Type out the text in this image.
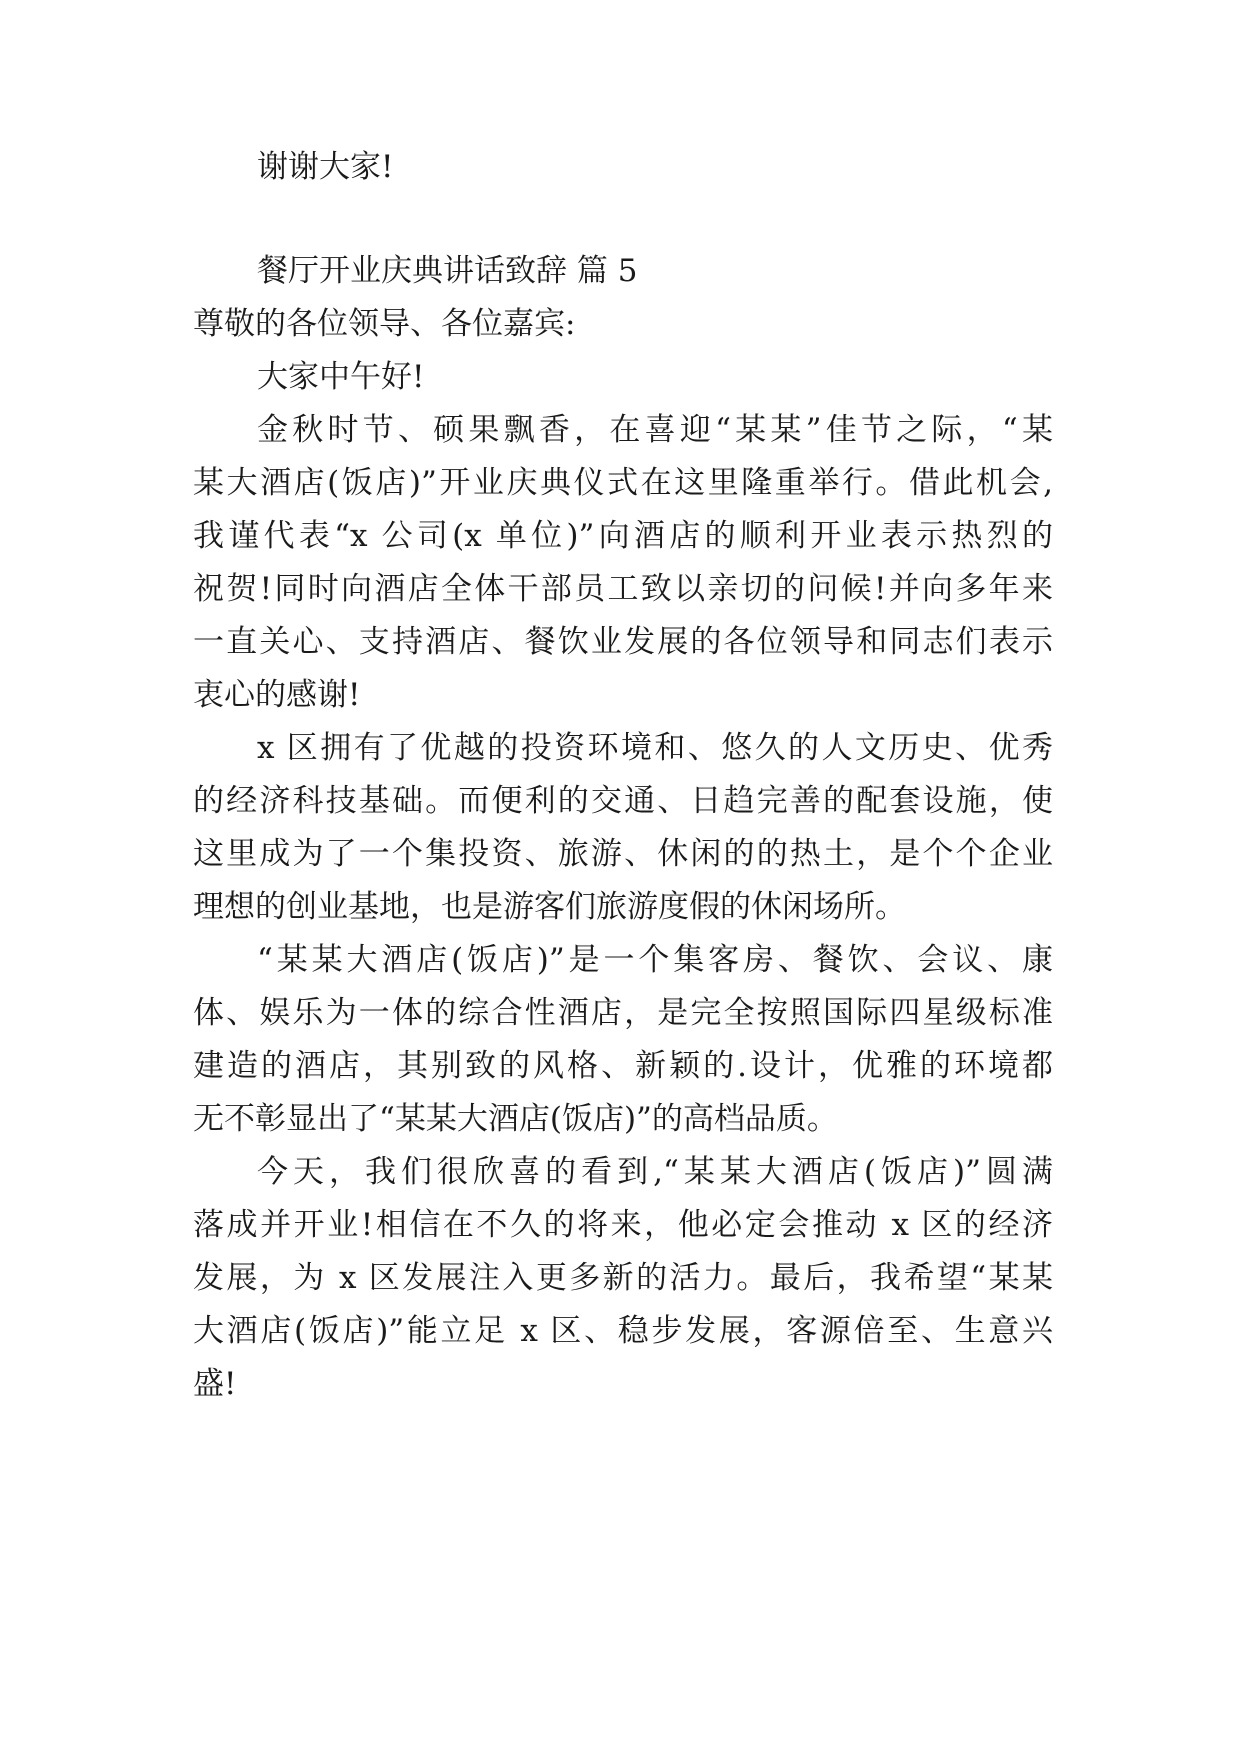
谢谢大家!

餐厅开业庆典讲话致辞 篇 5

尊敬的各位领导、各位嘉宾:

大家中午好!

金秋时节、硕果飘香，在喜迎“某某”佳节之际，“某

某大酒店(饭店)”开业庆典仪式在这里隆重举行。借此机会,

我谨代表“x 公司(x 单位)”向酒店的顺利开业表示热烈的

祝贺!同时向酒店全体干部员工致以亲切的问候!并向多年来

一直关心、支持酒店、餐饮业发展的各位领导和同志们表示

衷心的感谢!

x 区拥有了优越的投资环境和、悠久的人文历史、优秀

的经济科技基础。而便利的交通、日趋完善的配套设施，使

这里成为了一个集投资、旅游、休闲的的热土，是个个企业

理想的创业基地，也是游客们旅游度假的休闲场所。

“某某大酒店(饭店)”是一个集客房、餐饮、会议、康

体、娱乐为一体的综合性酒店，是完全按照国际四星级标准

建造的酒店，其别致的风格、新颖的.设计，优雅的环境都

无不彰显出了“某某大酒店(饭店)”的高档品质。

今天，我们很欣喜的看到,“某某大酒店(饭店)”圆满

落成并开业!相信在不久的将来，他必定会推动 x 区的经济

发展，为 x 区发展注入更多新的活力。最后，我希望“某某

大酒店(饭店)”能立足 x 区、稳步发展，客源倍至、生意兴

盛!
